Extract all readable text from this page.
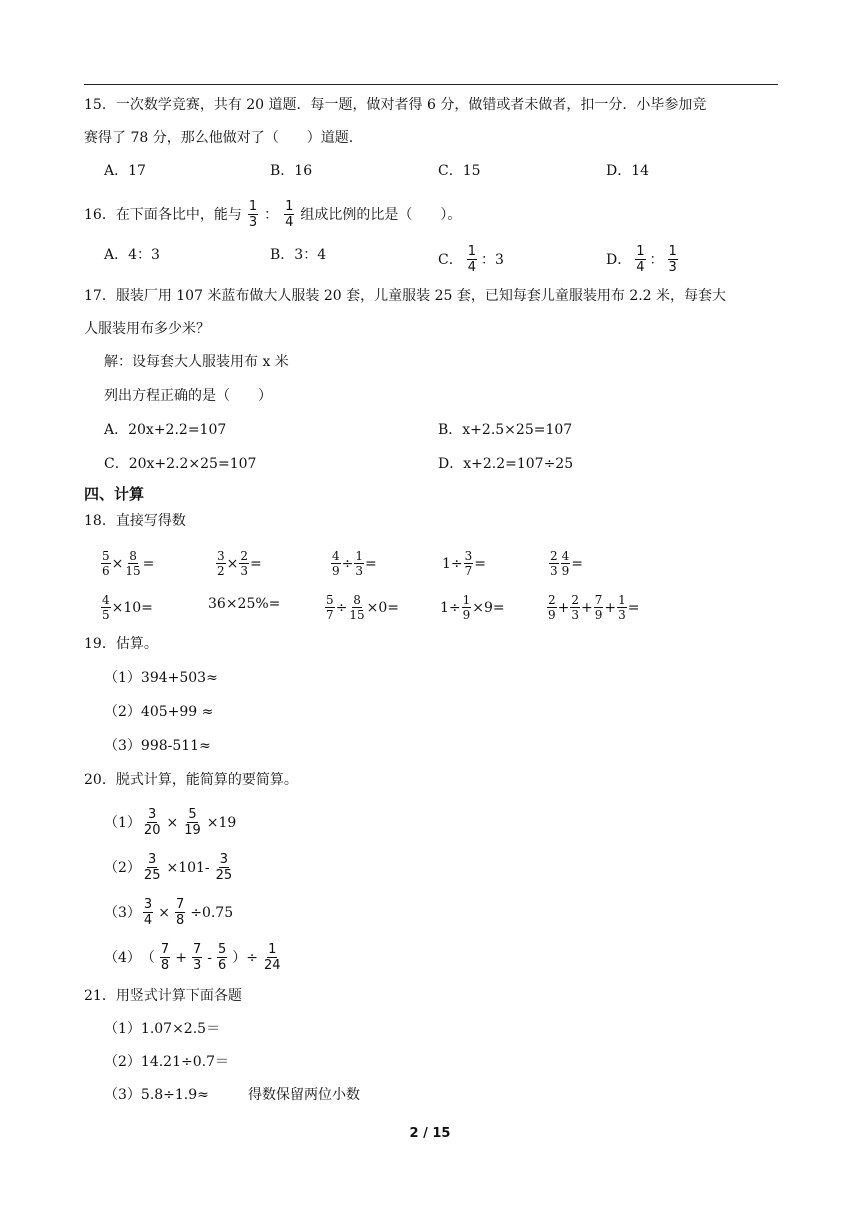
15．一次数学竞赛，共有 20 道题．每一题，做对者得 6 分，做错或者未做者，扣一分．小毕参加竞
赛得了 78 分，那么他做对了（　　）道题.
A．17	B．16	C．15	D．14
16．在下面各比中，能与 $\frac{1}{3}$ ： $\frac{1}{4}$ 组成比例的比是（　　）。
A．4：3	B．3：4	C． $\frac{1}{4}$ ：3	D． $\frac{1}{4}$ ： $\frac{1}{3}$
17．服装厂用 107 米蓝布做大人服装 20 套，儿童服装 25 套，已知每套儿童服装用布 2.2 米，每套大
人服装用布多少米？
解：设每套大人服装用布 x 米
列出方程正确的是（　　）
A．20x+2.2=107	B．x+2.5×25=107
C．20x+2.2×25=107	D．x+2.2=107÷25
四、计算
18．直接写得数
$\frac{5}{6} \times \frac{8}{15}$ =	$\frac{3}{2} \times \frac{2}{3}$ =	$\frac{4}{9} \div \frac{1}{3}$ =	$1\div \frac{3}{7}$ =	$\frac{2}{3} \frac{4}{9}$ =
$\frac{4}{5} \times 10=$	36×25%=	$\frac{5}{7} \div \frac{8}{15} \times 0=$	$1\div \frac{1}{9} \times 9=$	$\frac{2}{9} + \frac{2}{3} + \frac{7}{9} + \frac{1}{3}$ =
19．估算。
（1）394+503≈
（2）405+99 ≈
（3）998-511≈
20．脱式计算，能简算的要简算。
$(1) \frac{3}{20} \times \frac{5}{19} \times 19$
$(2) \frac{3}{25} \times 101- \frac{3}{25}$
$(3) \frac{3}{4} \times \frac{7}{8} \div 0.75$
（4） （ $\frac{7}{8} + \frac{7}{3} - \frac{5}{6}$ ）÷ $\frac{1}{24}$
21．用竖式计算下面各题
（1）1.07×2.5＝
（2）14.21÷0.7＝
（3）5.8÷1.9≈	得数保留两位小数
2 / 15
